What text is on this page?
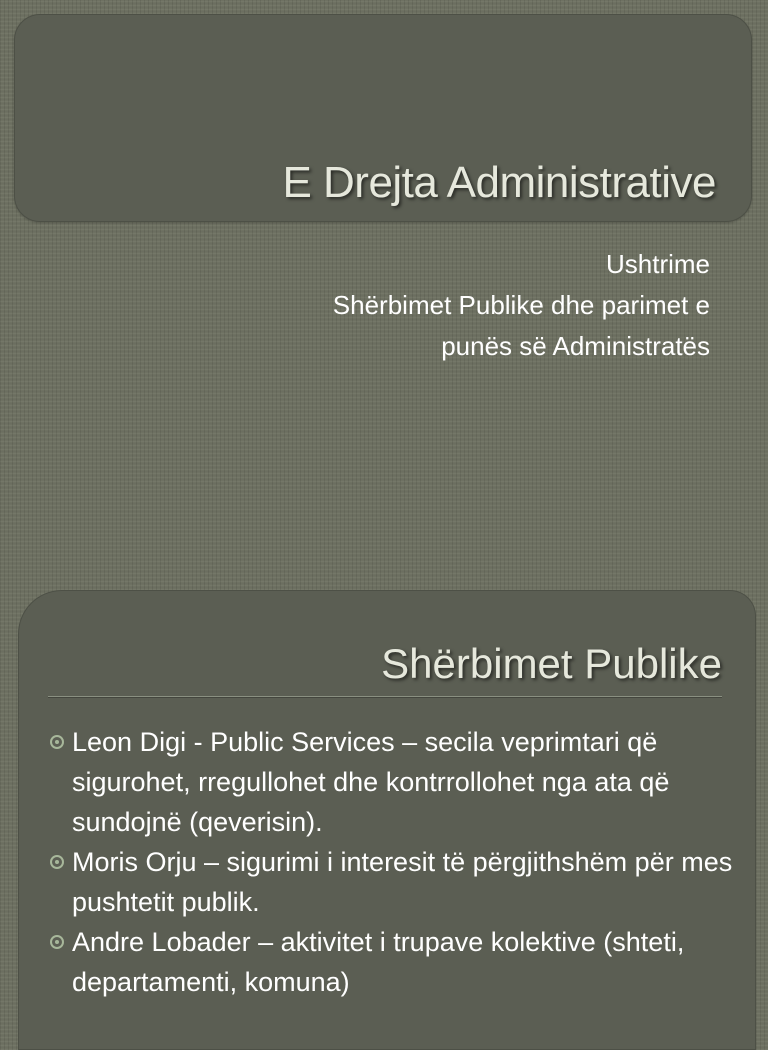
E Drejta Administrative
Ushtrime
Shërbimet Publike dhe parimet e
punës së Administratës
Shërbimet Publike
Leon Digi - Public Services – secila veprimtari që sigurohet, rregullohet dhe kontrrollohet nga ata që sundojnë (qeverisin).
Moris Orju – sigurimi i interesit të përgjithshëm për mes pushtetit publik.
Andre Lobader – aktivitet i trupave kolektive (shteti, departamenti, komuna)
